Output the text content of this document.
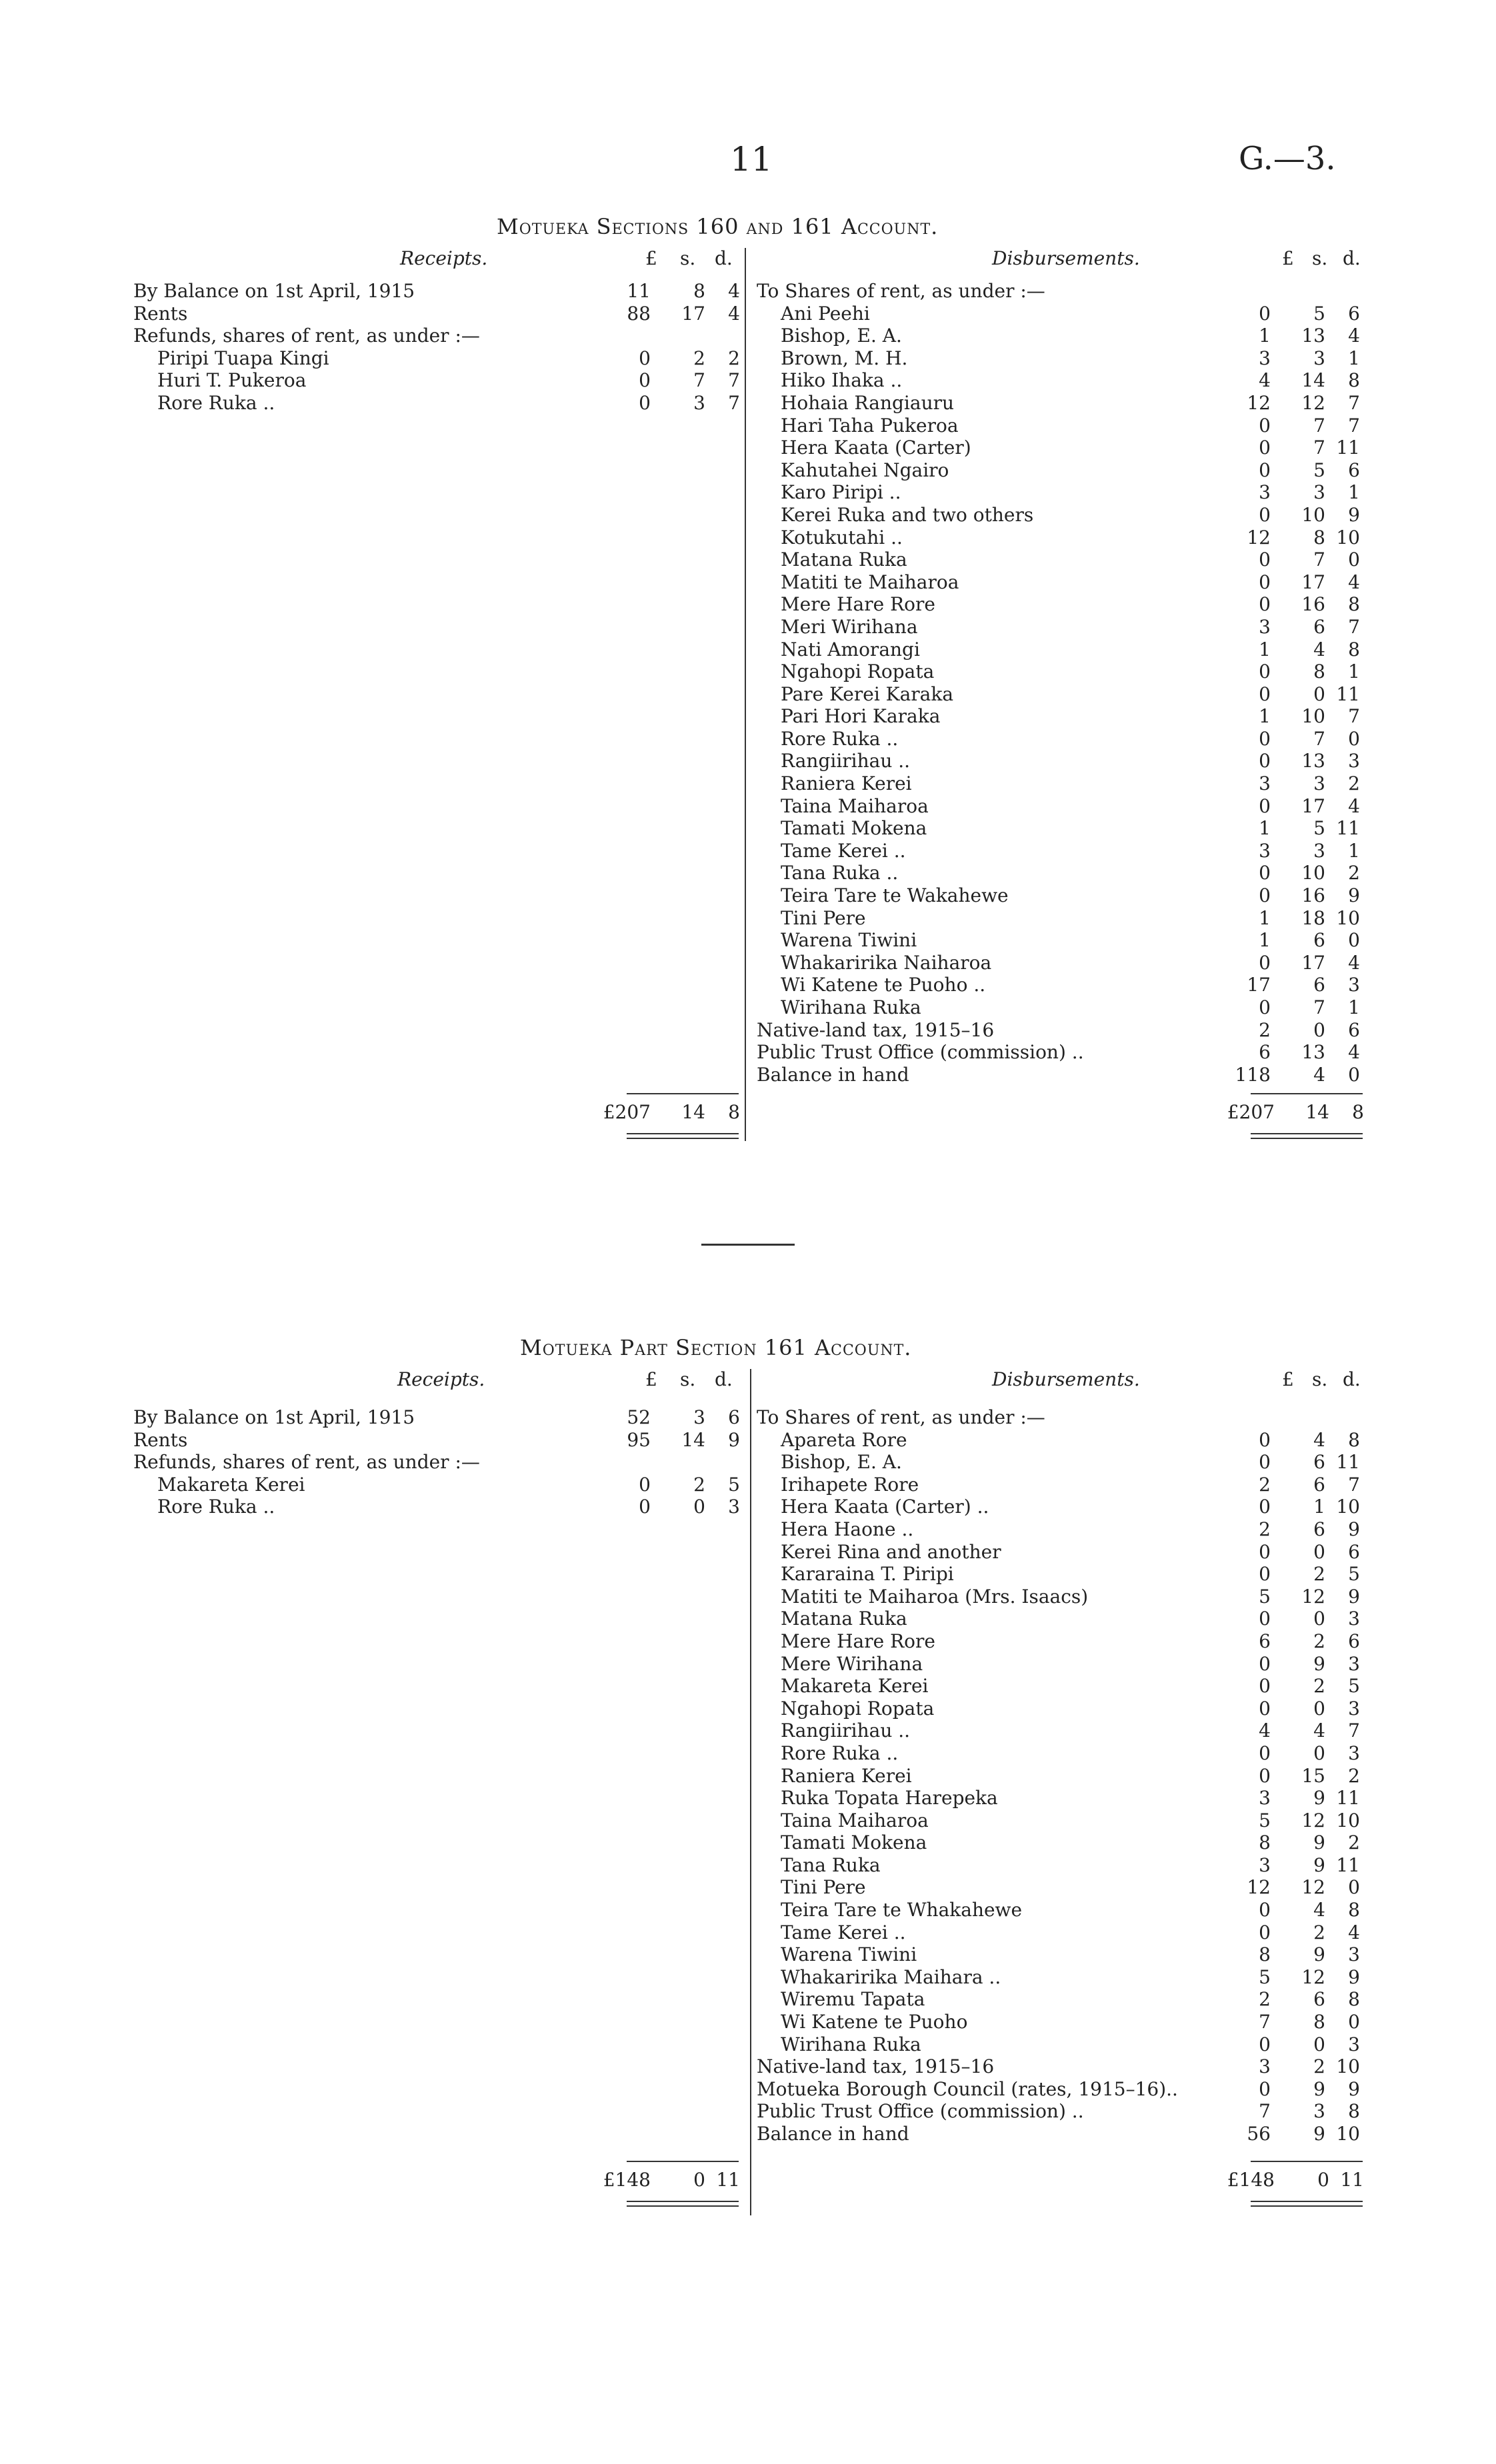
11	G.—3.
Motueka Sections 160 and 161 Account.
Receipts.	£ s. d.	Disbursements.	£ s. d.
By Balance on 1st April, 1915	11	8	4
Rents	88	17	4
Refunds, shares of rent, as under :—
Piripi Tuapa Kingi	0	2	2
Huri T. Pukeroa	0	7	7
Rore Ruka ..	0	3	7
To Shares of rent, as under :—
Ani Peehi	0	5	6
Bishop, E. A.	1	13	4
Brown, M. H.	3	3	1
Hiko Ihaka ..	4	14	8
Hohaia Rangiauru	12	12	7
Hari Taha Pukeroa	0	7	7
Hera Kaata (Carter)	0	7 11
Kahutahei Ngairo	0	5	6
Karo Piripi ..	3	3	1
Kerei Ruka and two others	0	10	9
Kotukutahi ..	12	8 10
Matana Ruka	0	7	0
Matiti te Maiharoa	0	17	4
Mere Hare Rore	0	16	8
Meri Wirihana	3	6	7
Nati Amorangi	1	4	8
Ngahopi Ropata	0	8	1
Pare Kerei Karaka	0	0 11
Pari Hori Karaka	1	10	7
Rore Ruka ..	0	7	0
Rangiirihau ..	0	13	3
Raniera Kerei	3	3	2
Taina Maiharoa	0	17	4
Tamati Mokena	1	5 11
Tame Kerei ..	3	3	1
Tana Ruka ..	0	10	2
Teira Tare te Wakahewe	0	16	9
Tini Pere	1	18 10
Warena Tiwini	1	6	0
Whakaririka Naiharoa	0	17	4
Wi Katene te Puoho ..	17	6	3
Wirihana Ruka	0	7	1
Native-land tax, 1915–16	2	0	6
Public Trust Office (commission) ..	6	13	4
Balance in hand	118	4	0
£207	14	8	£207	14	8
Motueka Part Section 161 Account.
Receipts.	£ s. d.	Disbursements.	£ s. d.
By Balance on 1st April, 1915	52	3	6
Rents	95	14	9
Refunds, shares of rent, as under :—
Makareta Kerei	0	2	5
Rore Ruka ..	0	0	3
To Shares of rent, as under :—
Apareta Rore	0	4	8
Bishop, E. A.	0	6 11
Irihapete Rore	2	6	7
Hera Kaata (Carter) ..	0	1 10
Hera Haone ..	2	6	9
Kerei Rina and another	0	0	6
Kararaina T. Piripi	0	2	5
Matiti te Maiharoa (Mrs. Isaacs)	5	12	9
Matana Ruka	0	0	3
Mere Hare Rore	6	2	6
Mere Wirihana	0	9	3
Makareta Kerei	0	2	5
Ngahopi Ropata	0	0	3
Rangiirihau ..	4	4	7
Rore Ruka ..	0	0	3
Raniera Kerei	0	15	2
Ruka Topata Harepeka	3	9 11
Taina Maiharoa	5	12 10
Tamati Mokena	8	9	2
Tana Ruka	3	9 11
Tini Pere	12	12	0
Teira Tare te Whakahewe	0	4	8
Tame Kerei ..	0	2	4
Warena Tiwini	8	9	3
Whakaririka Maihara ..	5	12	9
Wiremu Tapata	2	6	8
Wi Katene te Puoho	7	8	0
Wirihana Ruka	0	0	3
Native-land tax, 1915–16	3	2 10
Motueka Borough Council (rates, 1915–16)..	0	9	9
Public Trust Office (commission) ..	7	3	8
Balance in hand	56	9 10
£148	0 11	£148	0 11
